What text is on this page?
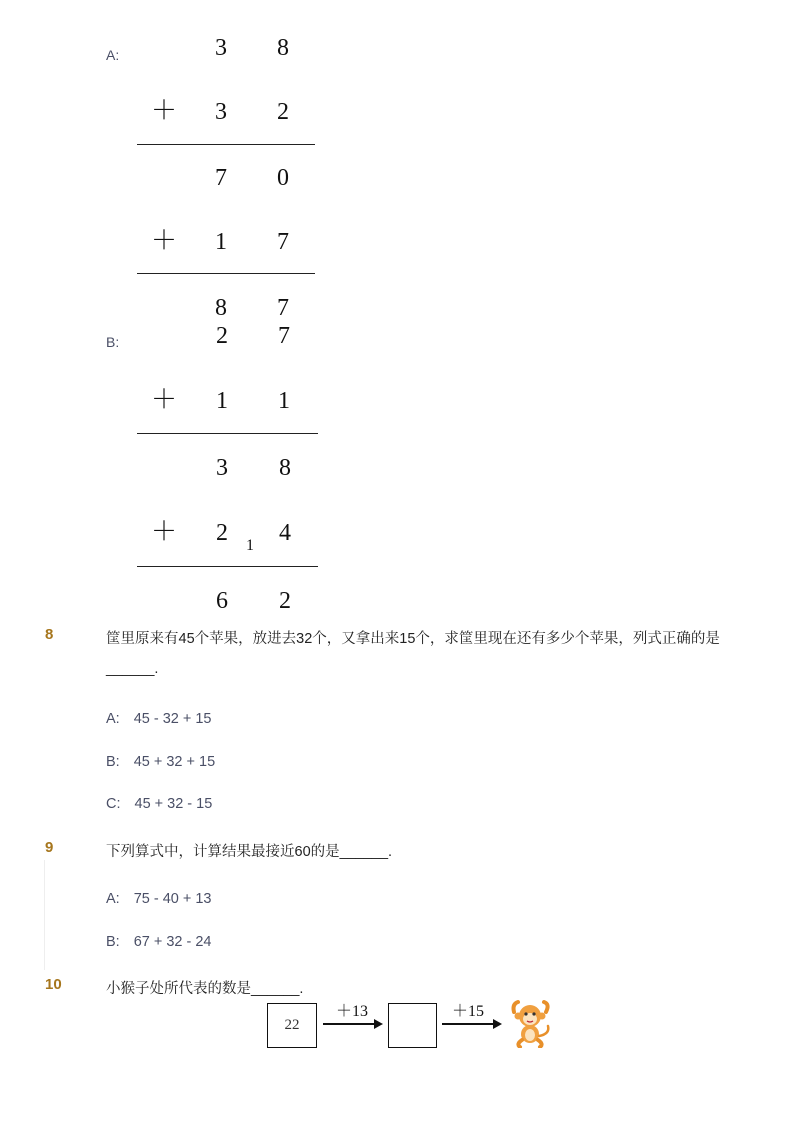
A:	3 8
＋ 3 2
7 0
＋ 1 7
8 7
B:	2 7
＋ 1 1
3 8
＋ 2	1 4
6 2
8	筐里原来有45个苹果，放进去32个，又拿出来15个，求筐里现在还有多少个苹果，列式正确的是
______.
A: 45 - 32 + 15
B: 45 + 32 + 15
C: 45 + 32 - 15
9	下列算式中，计算结果最接近60的是______.
A: 75 - 40 + 13
B: 67 + 32 - 24
10	小猴子处所代表的数是______.
22
＋13	＋15
